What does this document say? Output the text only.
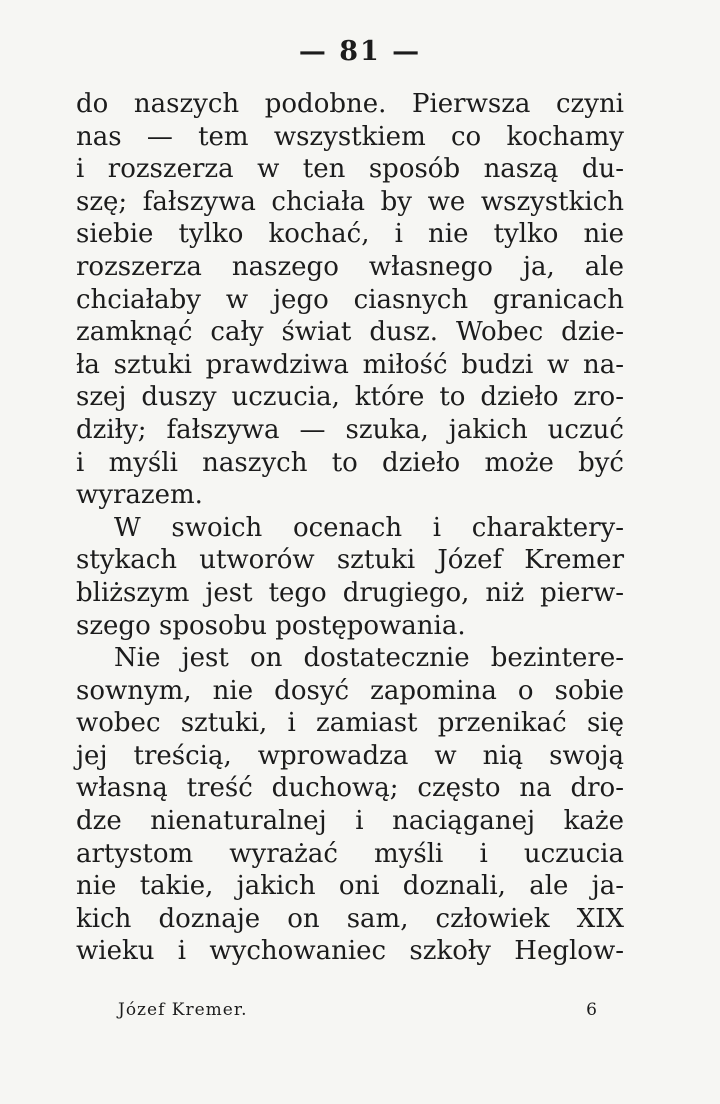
— 81 —
do naszych podobne. Pierwsza czyni
nas — tem wszystkiem co kochamy
i rozszerza w ten sposób naszą du-
szę; fałszywa chciała by we wszystkich
siebie tylko kochać, i nie tylko nie
rozszerza naszego własnego ja, ale
chciałaby w jego ciasnych granicach
zamknąć cały świat dusz. Wobec dzie-
ła sztuki prawdziwa miłość budzi w na-
szej duszy uczucia, które to dzieło zro-
dziły; fałszywa — szuka, jakich uczuć
i myśli naszych to dzieło może być
wyrazem.
W swoich ocenach i charaktery-
stykach utworów sztuki Józef Kremer
bliższym jest tego drugiego, niż pierw-
szego sposobu postępowania.
Nie jest on dostatecznie bezintere-
sownym, nie dosyć zapomina o sobie
wobec sztuki, i zamiast przenikać się
jej treścią, wprowadza w nią swoją
własną treść duchową; często na dro-
dze nienaturalnej i naciąganej każe
artystom wyrażać myśli i uczucia
nie takie, jakich oni doznali, ale ja-
kich doznaje on sam, człowiek XIX
wieku i wychowaniec szkoły Heglow-
Józef Kremer.	6
